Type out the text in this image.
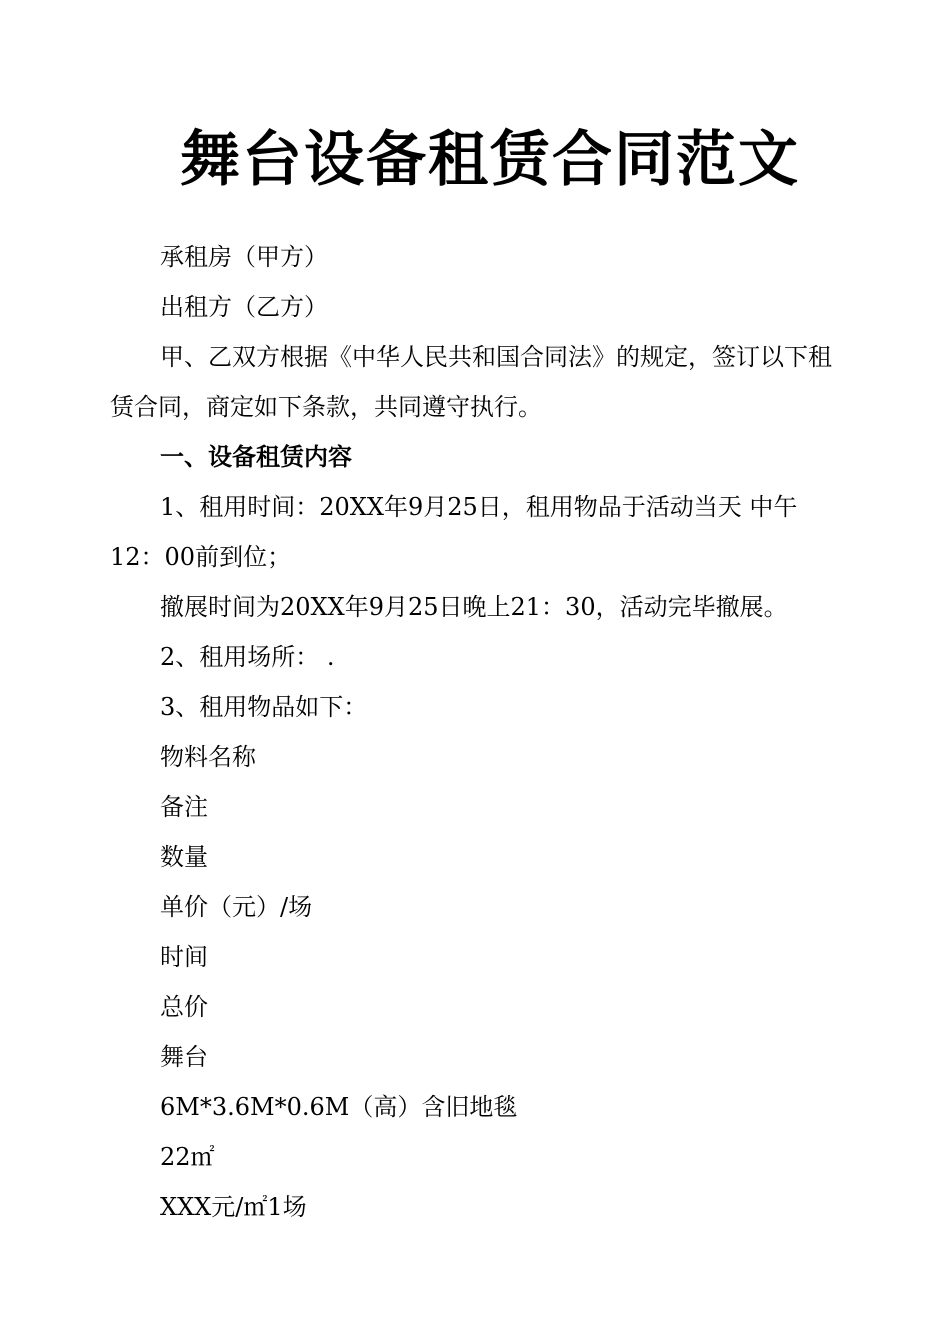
舞台设备租赁合同范文

承租房（甲方）

出租方（乙方）

甲、乙双方根据《中华人民共和国合同法》的规定，签订以下租赁合同，商定如下条款，共同遵守执行。

一、设备租赁内容

1、租用时间：20XX年9月25日，租用物品于活动当天 中午12：00前到位；

撤展时间为20XX年9月25日晚上21：30，活动完毕撤展。

2、租用场所： .

3、租用物品如下：

物料名称

备注

数量

单价（元）/场

时间

总价

舞台

6M*3.6M*0.6M（高）含旧地毯

22㎡

XXX元/㎡1场
